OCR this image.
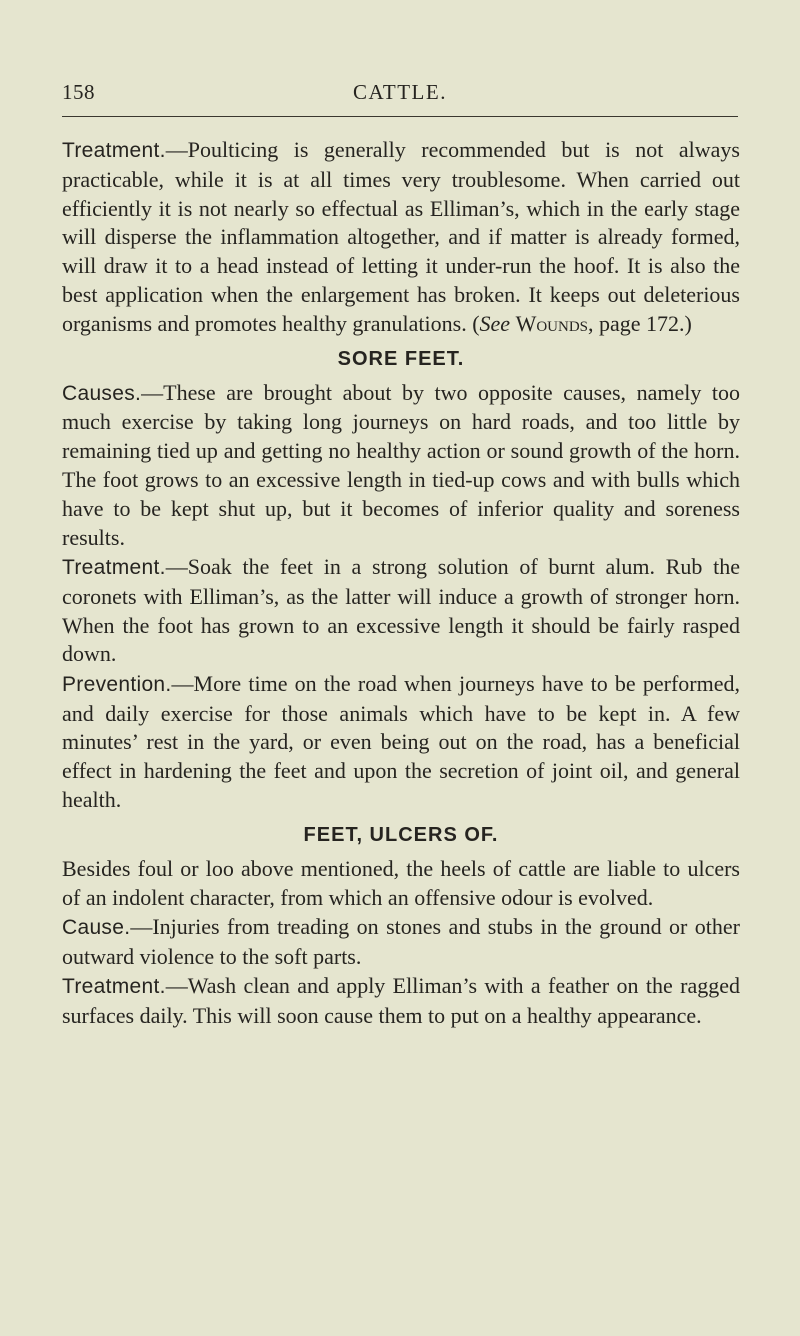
158	CATTLE.

Treatment.—Poulticing is generally recommended but is not always practicable, while it is at all times very troublesome. When carried out efficiently it is not nearly so effectual as Elliman’s, which in the early stage will disperse the inflammation altogether, and if matter is already formed, will draw it to a head instead of letting it under-run the hoof. It is also the best application when the enlargement has broken. It keeps out deleterious organisms and promotes healthy granulations. (See Wounds, page 172.)

SORE FEET.

Causes.—These are brought about by two opposite causes, namely too much exercise by taking long journeys on hard roads, and too little by remaining tied up and getting no healthy action or sound growth of the horn. The foot grows to an excessive length in tied-up cows and with bulls which have to be kept shut up, but it becomes of inferior quality and soreness results.

Treatment.—Soak the feet in a strong solution of burnt alum. Rub the coronets with Elliman’s, as the latter will induce a growth of stronger horn. When the foot has grown to an excessive length it should be fairly rasped down.

Prevention.—More time on the road when journeys have to be performed, and daily exercise for those animals which have to be kept in. A few minutes’ rest in the yard, or even being out on the road, has a beneficial effect in hardening the feet and upon the secretion of joint oil, and general health.

FEET, ULCERS OF.

Besides foul or loo above mentioned, the heels of cattle are liable to ulcers of an indolent character, from which an offensive odour is evolved.

Cause.—Injuries from treading on stones and stubs in the ground or other outward violence to the soft parts.

Treatment.—Wash clean and apply Elliman’s with a feather on the ragged surfaces daily. This will soon cause them to put on a healthy appearance.
